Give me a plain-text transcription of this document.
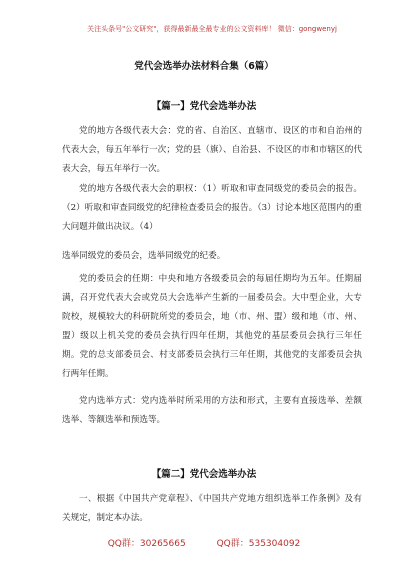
关注头条号"公文研究"，获得最新最全最专业的公文资料库！ 微信：gongwenyj
党代会选举办法材料合集（6篇）
【篇一】党代会选举办法
党的地方各级代表大会：党的省、自治区、直辖市、设区的市和自治州的代表大会，每五年举行一次；党的县（旗）、自治县、不设区的市和市辖区的代表大会，每五年举行一次。
党的地方各级代表大会的职权：（1）听取和审查同级党的委员会的报告。（2）听取和审查同级党的纪律检查委员会的报告。（3）讨论本地区范围内的重大问题并做出决议。（4）
选举同级党的委员会，选举同级党的纪委。
党的委员会的任期：中央和地方各级委员会的每届任期均为五年。任期届满，召开党代表大会或党员大会选举产生新的一届委员会。大中型企业，大专院校，规模较大的科研院所党的委员会，地（市、州、盟）级和地（市、州、盟）级以上机关党的委员会执行四年任期，其他党的基层委员会执行三年任期。党的总支部委员会、村支部委员会执行三年任期，其他党的支部委员会执行两年任期。
党内选举方式：党内选举时所采用的方法和形式，主要有直接选举、差额选举、等额选举和预选等。
【篇二】党代会选举办法
一、根据《中国共产党章程》、《中国共产党地方组织选举工作条例》及有关规定，制定本办法。
QQ群：30265665	QQ群：535304092
